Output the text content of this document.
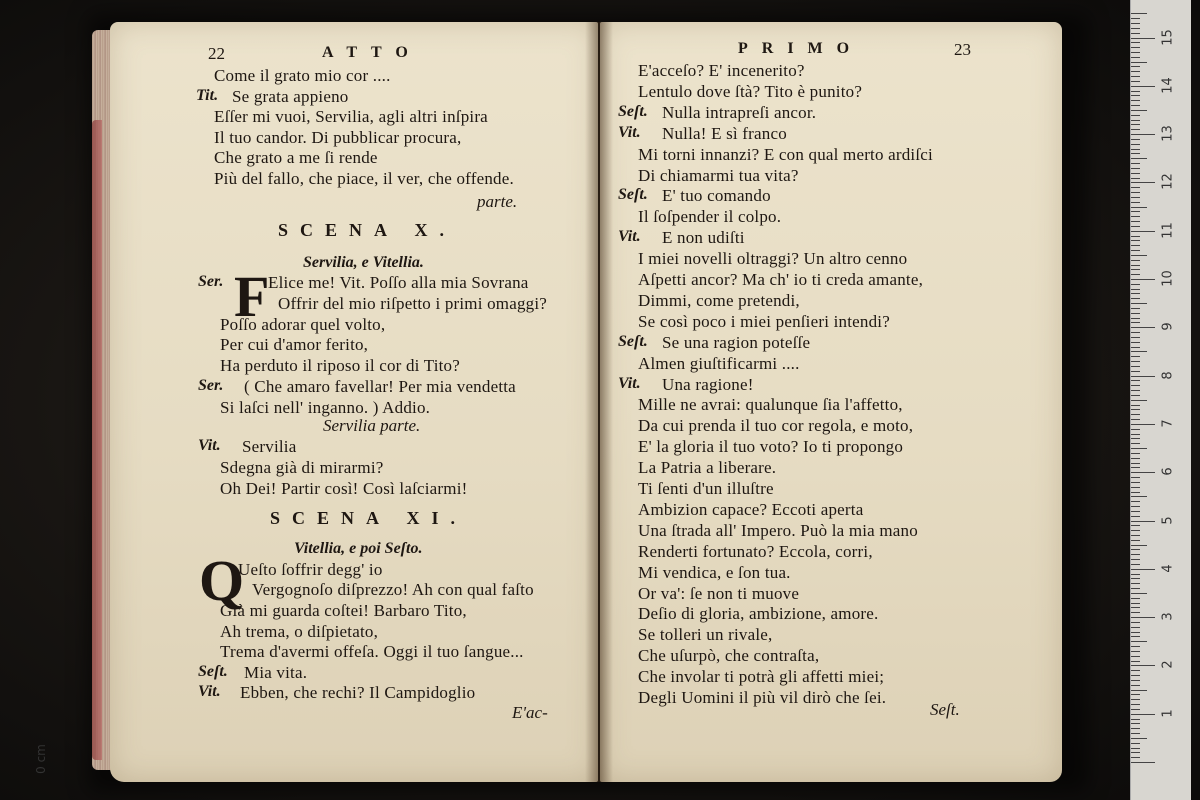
22	ATTO
Come il grato mio cor ....
Tit. Se grata appieno
Eſſer mi vuoi, Servilia, agli altri inſpira
Il tuo candor. Di pubblicar procura,
Che grato a me ſi rende
Più del fallo, che piace, il ver, che offende.
parte.
SCENA X.
Servilia, e Vitellia.
F
Ser.	Elice me! Vit. Poſſo alla mia Sovrana
Offrir del mio riſpetto i primi omaggi?
Poſſo adorar quel volto,
Per cui d'amor ferito,
Ha perduto il riposo il cor di Tito?
Ser. ( Che amaro favellar! Per mia vendetta
Si laſci nell' inganno. ) Addio.
Servilia parte.
Vit. Servilia
Sdegna già di mirarmi?
Oh Dei! Partir così! Così laſciarmi!
SCENA XI.
Vitellia, e poi Seſto.
Q
Ueſto ſoffrir degg' io
Vergognoſo diſprezzo! Ah con qual faſto
Già mi guarda coſtei! Barbaro Tito,
Ah trema, o diſpietato,
Trema d'avermi offeſa. Oggi il tuo ſangue...
Seſt. Mia vita.
Vit. Ebben, che rechi? Il Campidoglio
E'ac-
PRIMO	23
E'acceſo? E' incenerito?
Lentulo dove ſtà? Tito è punito?
Seſt. Nulla intrapreſi ancor.
Vit. Nulla! E sì franco
Mi torni innanzi? E con qual merto ardiſci
Di chiamarmi tua vita?
Seſt. E' tuo comando
Il ſoſpender il colpo.
Vit. E non udiſti
I miei novelli oltraggi? Un altro cenno
Aſpetti ancor? Ma ch' io ti creda amante,
Dimmi, come pretendi,
Se così poco i miei penſieri intendi?
Seſt. Se una ragion poteſſe
Almen giuſtificarmi ....
Vit. Una ragione!
Mille ne avrai: qualunque ſia l'affetto,
Da cui prenda il tuo cor regola, e moto,
E' la gloria il tuo voto? Io ti propongo
La Patria a liberare.
Ti ſenti d'un illuſtre
Ambizion capace? Eccoti aperta
Una ſtrada all' Impero. Può la mia mano
Renderti fortunato? Eccola, corri,
Mi vendica, e ſon tua.
Or va': ſe non ti muove
Deſio di gloria, ambizione, amore.
Se tolleri un rivale,
Che uſurpò, che contraſta,
Che involar ti potrà gli affetti miei;
Degli Uomini il più vil dirò che ſei.
Seſt.
15
14
13
12
11
10
9
8
7
6
5
4
3
2
1
0 cm
